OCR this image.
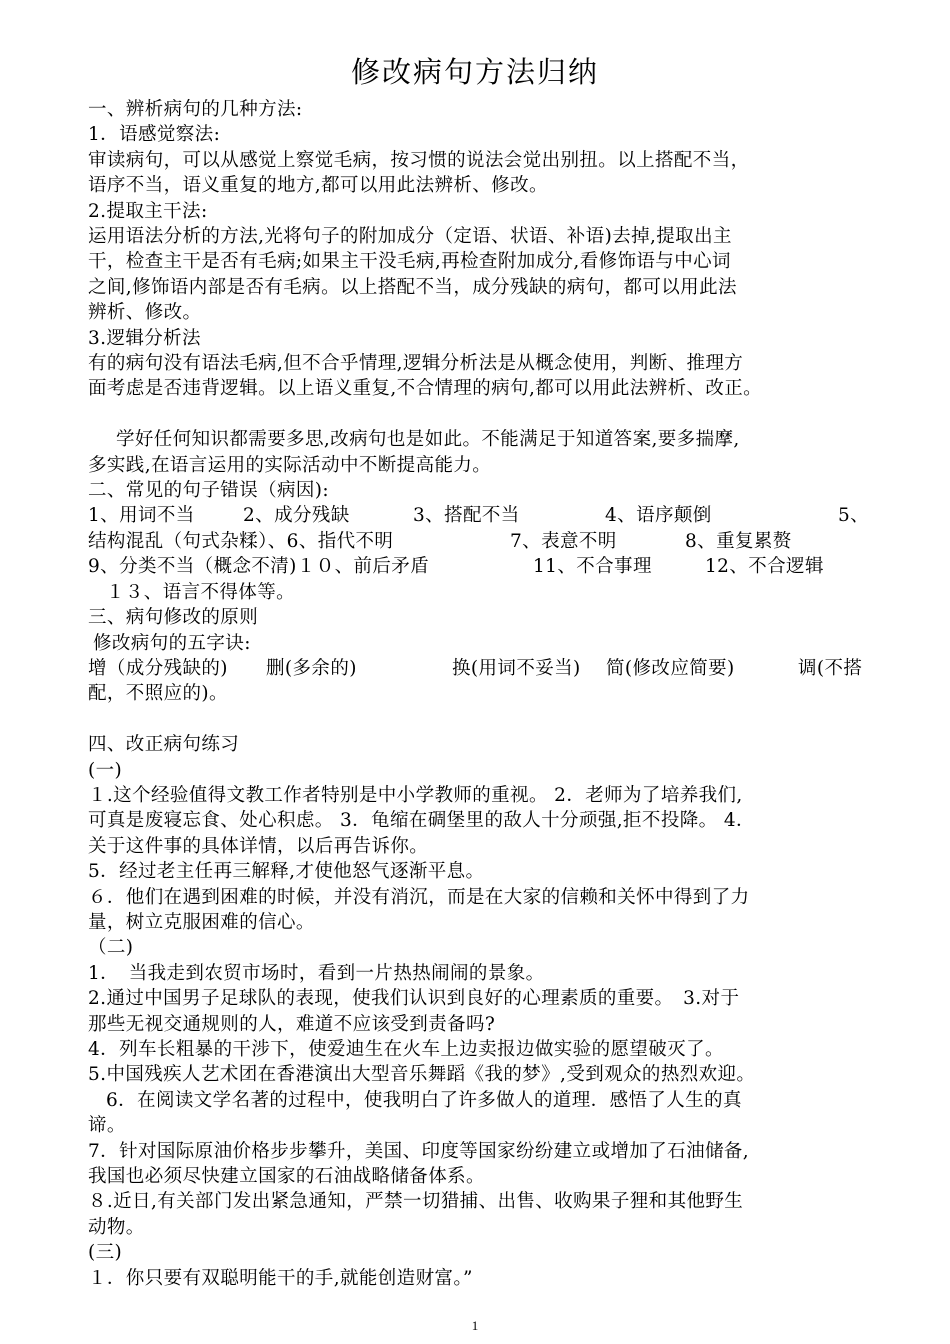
修改病句方法归纳

一、辨析病句的几种方法:

1．语感觉察法:

审读病句，可以从感觉上察觉毛病，按习惯的说法会觉出别扭。以上搭配不当，

语序不当，语义重复的地方,都可以用此法辨析、修改。

2.提取主干法:

运用语法分析的方法,光将句子的附加成分（定语、状语、补语)去掉,提取出主

干，检查主干是否有毛病;如果主干没毛病,再检查附加成分,看修饰语与中心词

之间,修饰语内部是否有毛病。以上搭配不当，成分残缺的病句，都可以用此法

辨析、修改。

3.逻辑分析法

有的病句没有语法毛病,但不合乎情理,逻辑分析法是从概念使用，判断、推理方

面考虑是否违背逻辑。以上语义重复,不合情理的病句,都可以用此法辨析、改正。

学好任何知识都需要多思,改病句也是如此。不能满足于知道答案,要多揣摩,

多实践,在语言运用的实际活动中不断提高能力。

二、常见的句子错误（病因):

1、用词不当	2、成分残缺	3、搭配不当	4、语序颠倒	5、
结构混乱（句式杂糅）、6、指代不明	7、表意不明	8、重复累赘
9、分类不当（概念不清)１０、前后矛盾	11、不合事理	12、不合逻辑

１３、语言不得体等。

三、病句修改的原则

修改病句的五字诀:

增（成分残缺的)	删(多余的)	换(用词不妥当)	简(修改应简要)	调(不搭

配，不照应的)。

四、改正病句练习

(一)

１.这个经验值得文教工作者特别是中小学教师的重视。 2．老师为了培养我们,

可真是废寝忘食、处心积虑。 3．龟缩在碉堡里的敌人十分顽强,拒不投降。 4．

关于这件事的具体详情，以后再告诉你。

5．经过老主任再三解释,才使他怒气逐渐平息。

６．他们在遇到困难的时候，并没有消沉，而是在大家的信赖和关怀中得到了力

量，树立克服困难的信心。

（二)

1．　当我走到农贸市场时，看到一片热热闹闹的景象。

2.通过中国男子足球队的表现，使我们认识到良好的心理素质的重要。　3.对于

那些无视交通规则的人，难道不应该受到责备吗?

4．列车长粗暴的干涉下，使爱迪生在火车上边卖报边做实验的愿望破灭了。

5.中国残疾人艺术团在香港演出大型音乐舞蹈《我的梦》,受到观众的热烈欢迎。

6．在阅读文学名著的过程中，使我明白了许多做人的道理．感悟了人生的真

谛。

7．针对国际原油价格步步攀升，美国、印度等国家纷纷建立或增加了石油储备,

我国也必须尽快建立国家的石油战略储备体系。

８.近日,有关部门发出紧急通知，严禁一切猎捕、出售、收购果子狸和其他野生

动物。

(三)

１．你只要有双聪明能干的手,就能创造财富。”

1
